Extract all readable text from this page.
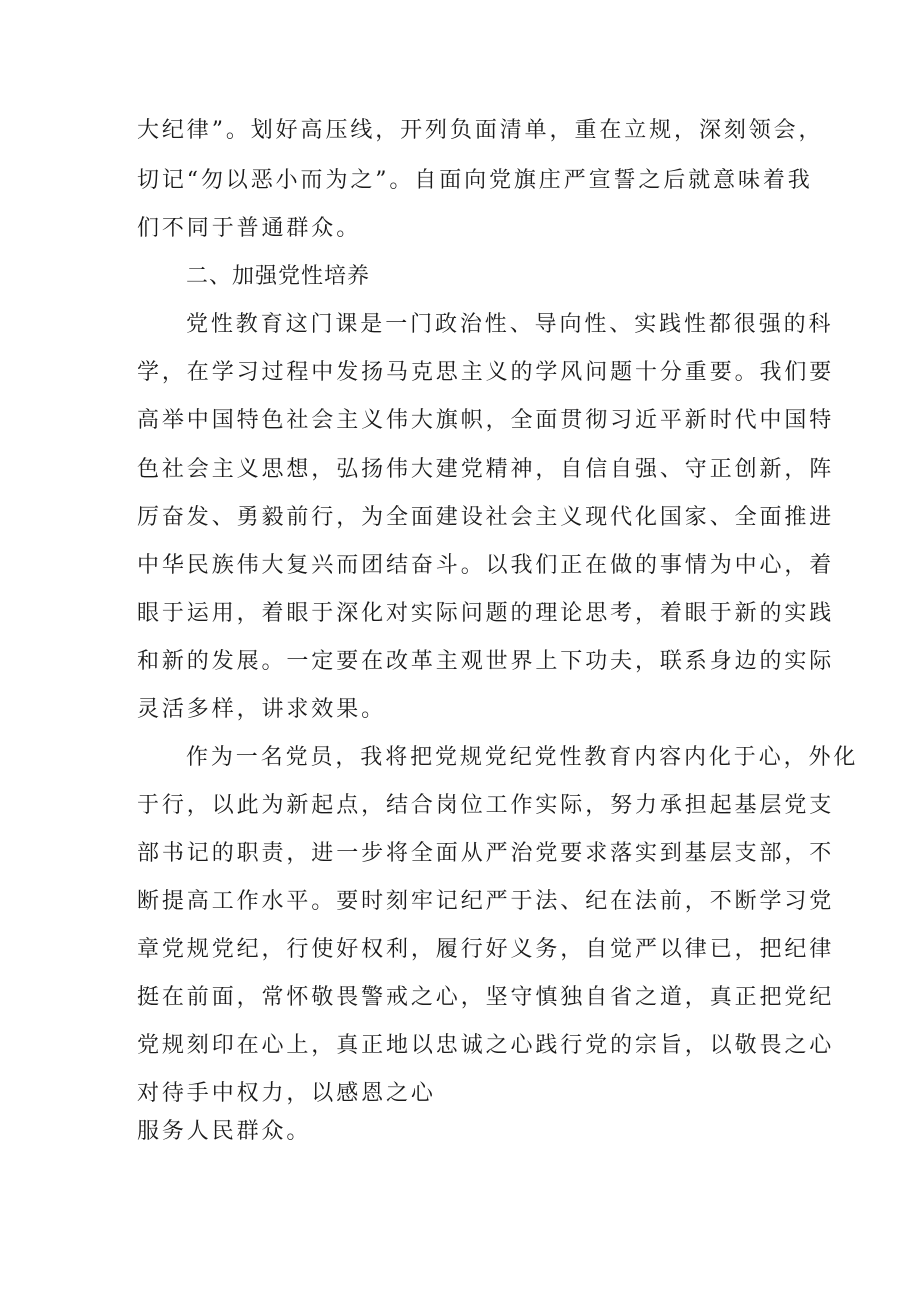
大纪律”。划好高压线，开列负面清单，重在立规，深刻领会，
切记“勿以恶小而为之”。自面向党旗庄严宣誓之后就意味着我
们不同于普通群众。
二、加强党性培养
党性教育这门课是一门政治性、导向性、实践性都很强的科
学，在学习过程中发扬马克思主义的学风问题十分重要。我们要
高举中国特色社会主义伟大旗帜，全面贯彻习近平新时代中国特
色社会主义思想，弘扬伟大建党精神，自信自强、守正创新，阵
厉奋发、勇毅前行，为全面建设社会主义现代化国家、全面推进
中华民族伟大复兴而团结奋斗。以我们正在做的事情为中心，着
眼于运用，着眼于深化对实际问题的理论思考，着眼于新的实践
和新的发展。一定要在改革主观世界上下功夫，联系身边的实际
灵活多样，讲求效果。
作为一名党员，我将把党规党纪党性教育内容内化于心，外化
于行，以此为新起点，结合岗位工作实际，努力承担起基层党支
部书记的职责，进一步将全面从严治党要求落实到基层支部，不
断提高工作水平。要时刻牢记纪严于法、纪在法前，不断学习党
章党规党纪，行使好权利，履行好义务，自觉严以律已，把纪律
挺在前面，常怀敬畏警戒之心，坚守慎独自省之道，真正把党纪
党规刻印在心上，真正地以忠诚之心践行党的宗旨，以敬畏之心
对待手中权力，以感恩之心
服务人民群众。
